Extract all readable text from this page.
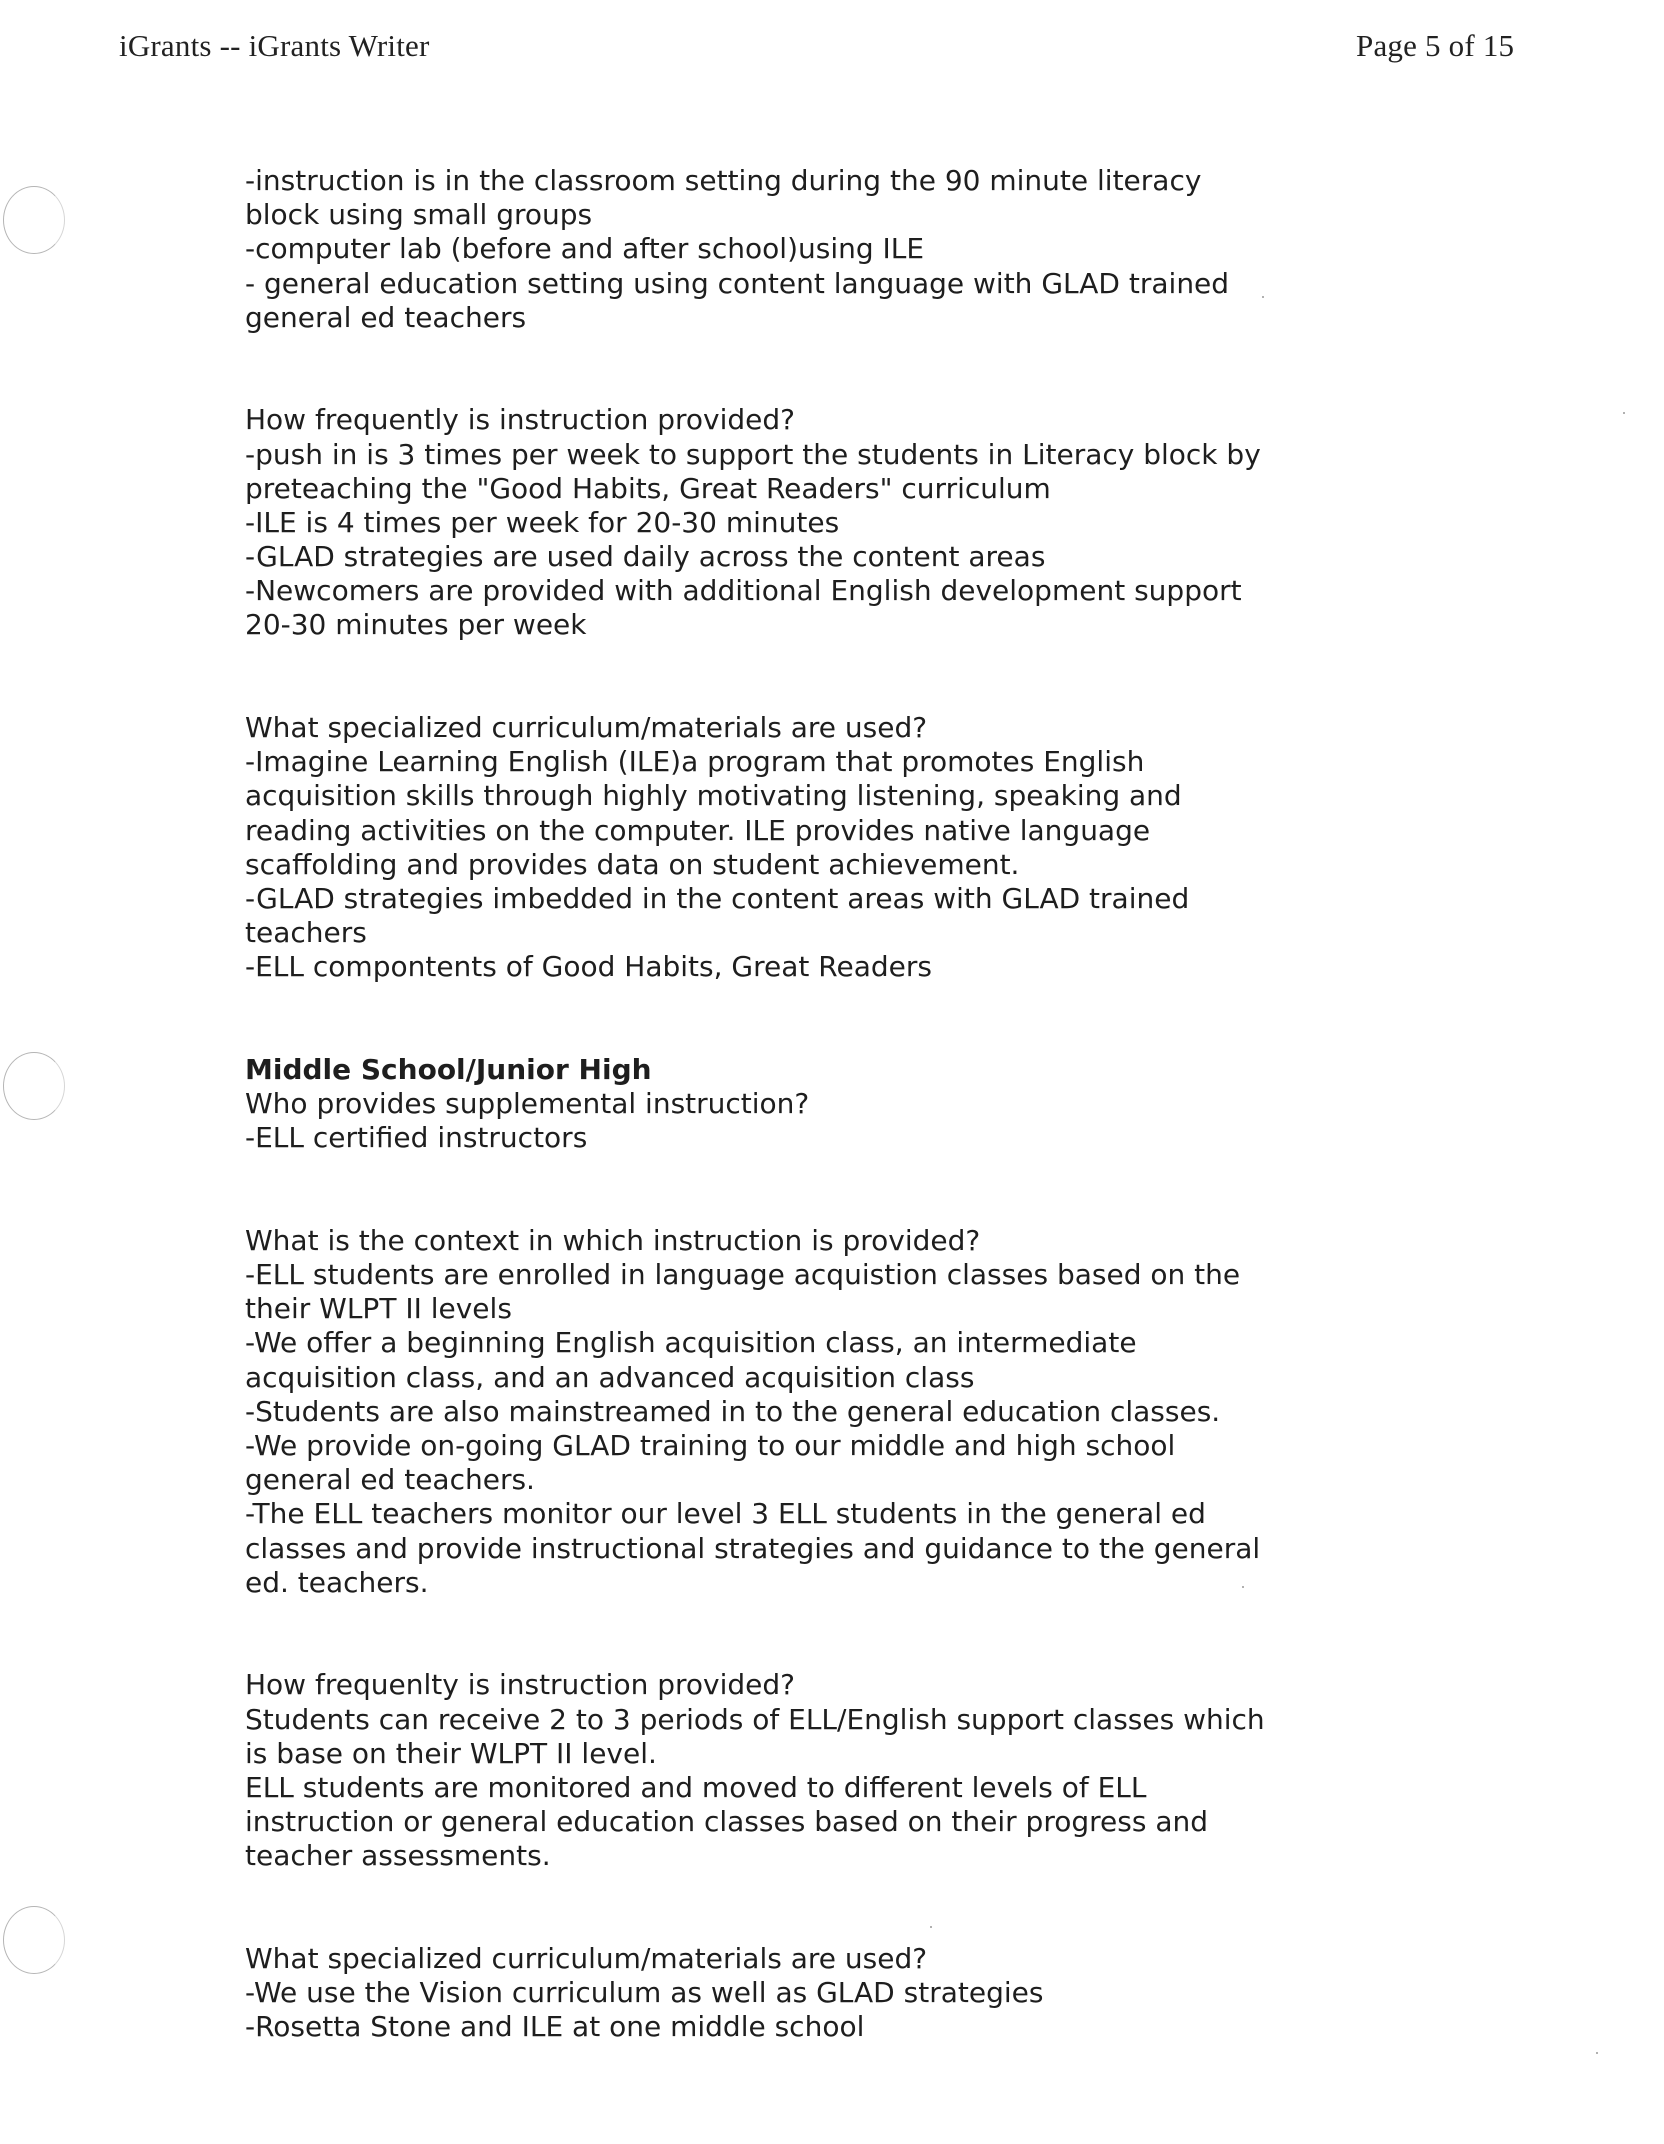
iGrants -- iGrants Writer	Page 5 of 15
-instruction is in the classroom setting during the 90 minute literacy
block using small groups
-computer lab (before and after school)using ILE
- general education setting using content language with GLAD trained
general ed teachers
How frequently is instruction provided?
-push in is 3 times per week to support the students in Literacy block by
preteaching the "Good Habits, Great Readers" curriculum
-ILE is 4 times per week for 20-30 minutes
-GLAD strategies are used daily across the content areas
-Newcomers are provided with additional English development support
20-30 minutes per week
What specialized curriculum/materials are used?
-Imagine Learning English (ILE)a program that promotes English
acquisition skills through highly motivating listening, speaking and
reading activities on the computer. ILE provides native language
scaffolding and provides data on student achievement.
-GLAD strategies imbedded in the content areas with GLAD trained
teachers
-ELL compontents of Good Habits, Great Readers
Middle School/Junior High
Who provides supplemental instruction?
-ELL certified instructors
What is the context in which instruction is provided?
-ELL students are enrolled in language acquistion classes based on the
their WLPT II levels
-We offer a beginning English acquisition class, an intermediate
acquisition class, and an advanced acquisition class
-Students are also mainstreamed in to the general education classes.
-We provide on-going GLAD training to our middle and high school
general ed teachers.
-The ELL teachers monitor our level 3 ELL students in the general ed
classes and provide instructional strategies and guidance to the general
ed. teachers.
How frequenlty is instruction provided?
Students can receive 2 to 3 periods of ELL/English support classes which
is base on their WLPT II level.
ELL students are monitored and moved to different levels of ELL
instruction or general education classes based on their progress and
teacher assessments.
What specialized curriculum/materials are used?
-We use the Vision curriculum as well as GLAD strategies
-Rosetta Stone and ILE at one middle school
